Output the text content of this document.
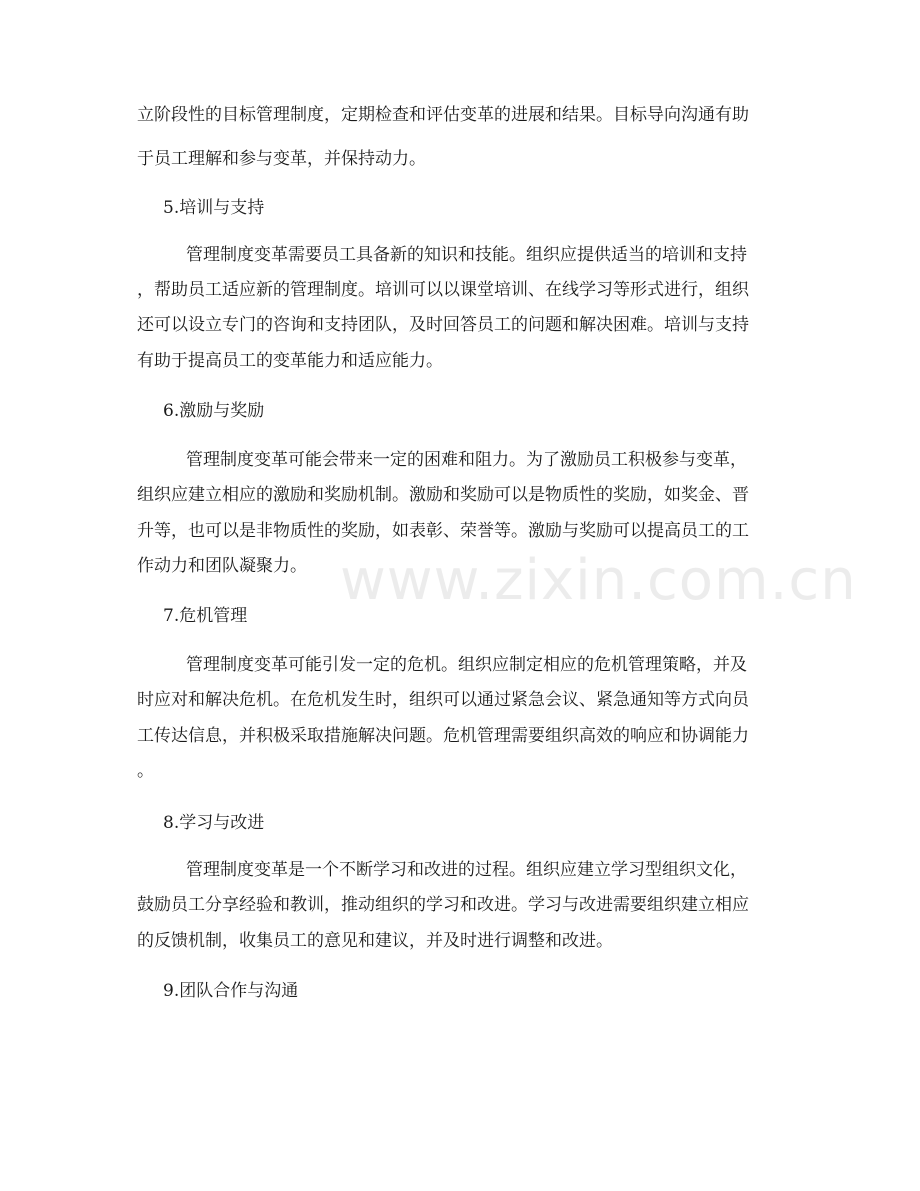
www.zixin.com.cn
立阶段性的目标管理制度，定期检查和评估变革的进展和结果。目标导向沟通有助
于员工理解和参与变革，并保持动力。
5.培训与支持
管理制度变革需要员工具备新的知识和技能。组织应提供适当的培训和支持
，帮助员工适应新的管理制度。培训可以以课堂培训、在线学习等形式进行，组织
还可以设立专门的咨询和支持团队，及时回答员工的问题和解决困难。培训与支持
有助于提高员工的变革能力和适应能力。
6.激励与奖励
管理制度变革可能会带来一定的困难和阻力。为了激励员工积极参与变革，
组织应建立相应的激励和奖励机制。激励和奖励可以是物质性的奖励，如奖金、晋
升等，也可以是非物质性的奖励，如表彰、荣誉等。激励与奖励可以提高员工的工
作动力和团队凝聚力。
7.危机管理
管理制度变革可能引发一定的危机。组织应制定相应的危机管理策略，并及
时应对和解决危机。在危机发生时，组织可以通过紧急会议、紧急通知等方式向员
工传达信息，并积极采取措施解决问题。危机管理需要组织高效的响应和协调能力
。
8.学习与改进
管理制度变革是一个不断学习和改进的过程。组织应建立学习型组织文化，
鼓励员工分享经验和教训，推动组织的学习和改进。学习与改进需要组织建立相应
的反馈机制，收集员工的意见和建议，并及时进行调整和改进。
9.团队合作与沟通
